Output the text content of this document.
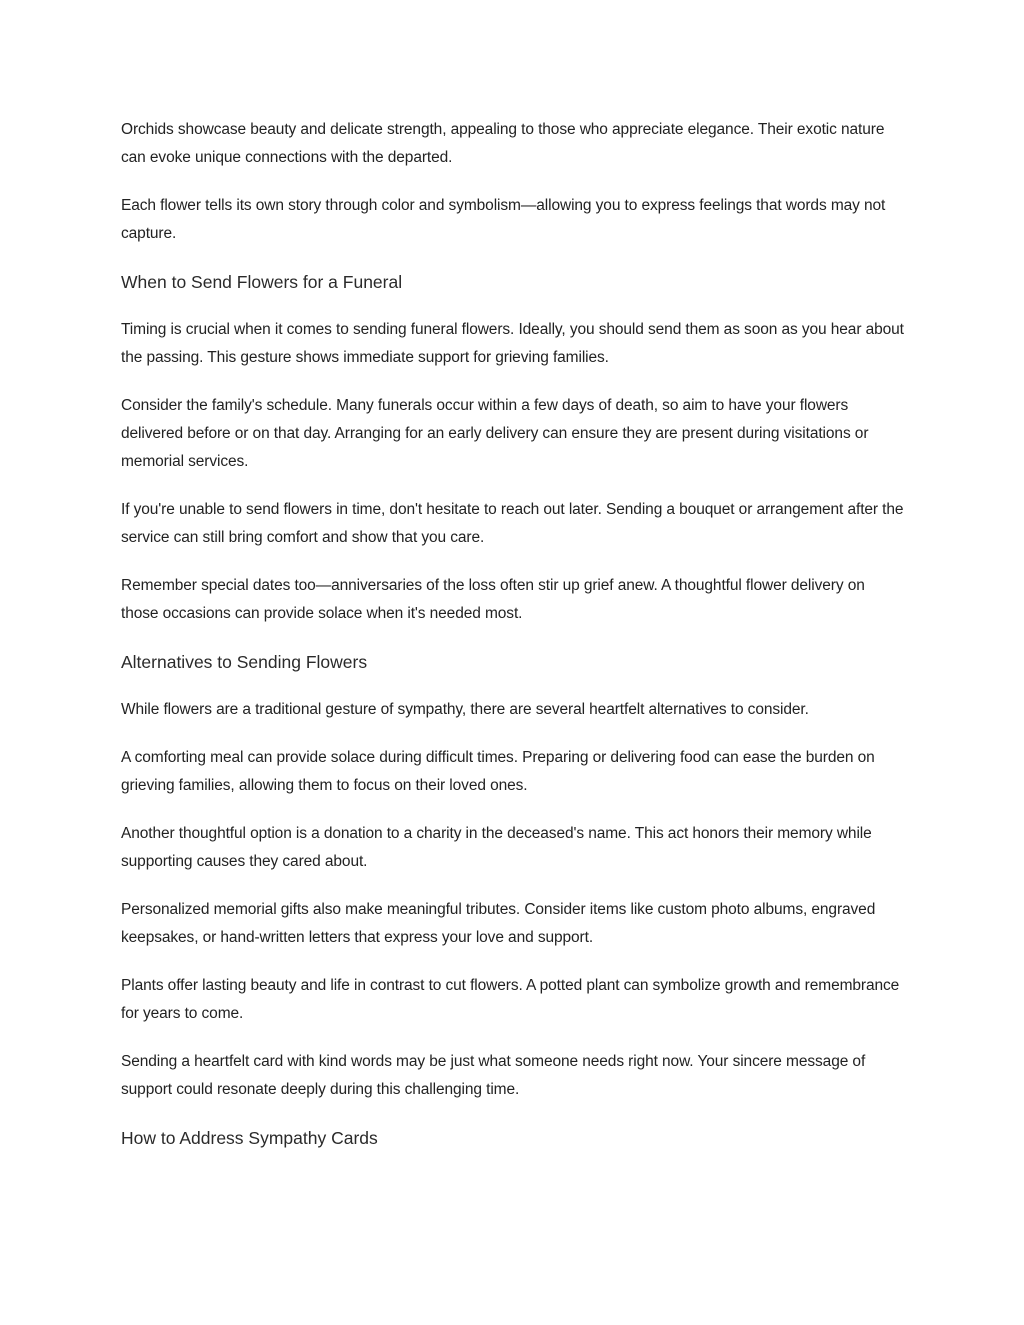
Orchids showcase beauty and delicate strength, appealing to those who appreciate elegance. Their exotic nature can evoke unique connections with the departed.

Each flower tells its own story through color and symbolism—allowing you to express feelings that words may not capture.

When to Send Flowers for a Funeral

Timing is crucial when it comes to sending funeral flowers. Ideally, you should send them as soon as you hear about the passing. This gesture shows immediate support for grieving families.

Consider the family's schedule. Many funerals occur within a few days of death, so aim to have your flowers delivered before or on that day. Arranging for an early delivery can ensure they are present during visitations or memorial services.

If you're unable to send flowers in time, don't hesitate to reach out later. Sending a bouquet or arrangement after the service can still bring comfort and show that you care.

Remember special dates too—anniversaries of the loss often stir up grief anew. A thoughtful flower delivery on those occasions can provide solace when it's needed most.

Alternatives to Sending Flowers

While flowers are a traditional gesture of sympathy, there are several heartfelt alternatives to consider.

A comforting meal can provide solace during difficult times. Preparing or delivering food can ease the burden on grieving families, allowing them to focus on their loved ones.

Another thoughtful option is a donation to a charity in the deceased's name. This act honors their memory while supporting causes they cared about.

Personalized memorial gifts also make meaningful tributes. Consider items like custom photo albums, engraved keepsakes, or hand-written letters that express your love and support.

Plants offer lasting beauty and life in contrast to cut flowers. A potted plant can symbolize growth and remembrance for years to come.

Sending a heartfelt card with kind words may be just what someone needs right now. Your sincere message of support could resonate deeply during this challenging time.

How to Address Sympathy Cards
